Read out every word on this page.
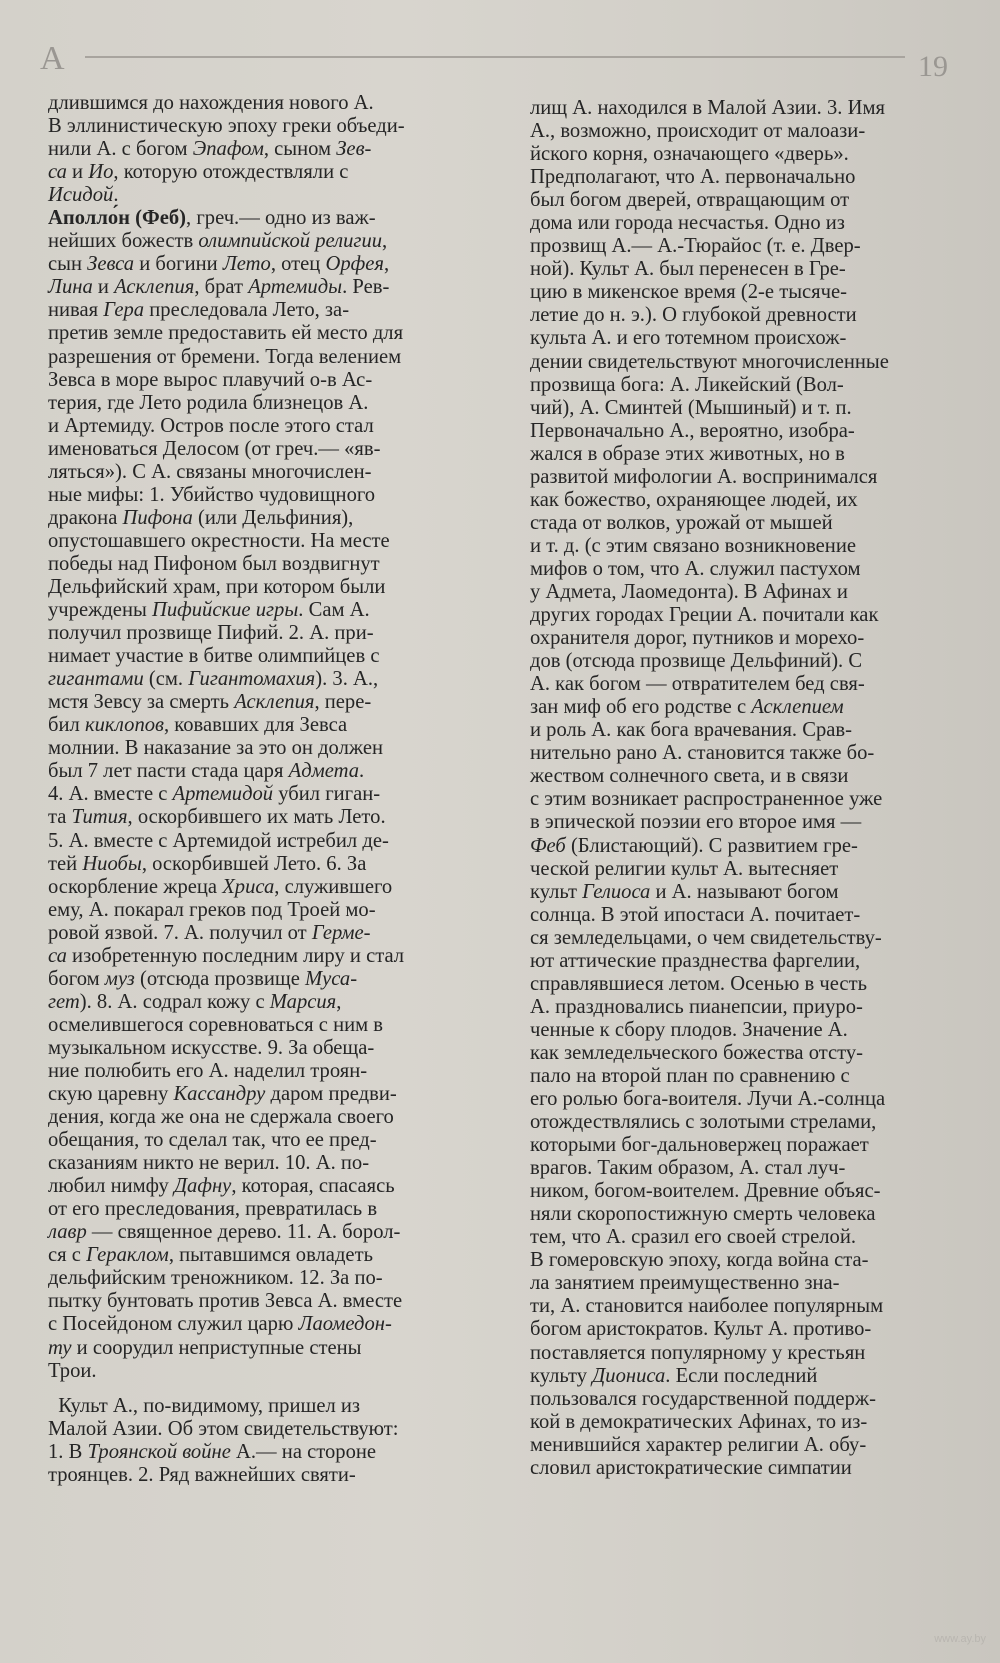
А	19
длившимся до нахождения нового А.
В эллинистическую эпоху греки объеди-
нили А. с богом Эпафом, сыном Зев-
са и Ио, которую отождествляли с
Исидой.
Аполло́н (Феб), греч.— одно из важ-
нейших божеств олимпийской религии,
сын Зевса и богини Лето, отец Орфея,
Лина и Асклепия, брат Артемиды. Рев-
нивая Гера преследовала Лето, за-
претив земле предоставить ей место для
разрешения от бремени. Тогда велением
Зевса в море вырос плавучий о-в Ас-
терия, где Лето родила близнецов А.
и Артемиду. Остров после этого стал
именоваться Делосом (от греч.— «яв-
ляться»). С А. связаны многочислен-
ные мифы: 1. Убийство чудовищного
дракона Пифона (или Дельфиния),
опустошавшего окрестности. На месте
победы над Пифоном был воздвигнут
Дельфийский храм, при котором были
учреждены Пифийские игры. Сам А.
получил прозвище Пифий. 2. А. при-
нимает участие в битве олимпийцев с
гигантами (см. Гигантомахия). 3. А.,
мстя Зевсу за смерть Асклепия, пере-
бил киклопов, ковавших для Зевса
молнии. В наказание за это он должен
был 7 лет пасти стада царя Адмета.
4. А. вместе с Артемидой убил гиган-
та Тития, оскорбившего их мать Лето.
5. А. вместе с Артемидой истребил де-
тей Ниобы, оскорбившей Лето. 6. За
оскорбление жреца Хриса, служившего
ему, А. покарал греков под Троей мо-
ровой язвой. 7. А. получил от Герме-
са изобретенную последним лиру и стал
богом муз (отсюда прозвище Муса-
гет). 8. А. содрал кожу с Марсия,
осмелившегося соревноваться с ним в
музыкальном искусстве. 9. За обеща-
ние полюбить его А. наделил троян-
скую царевну Кассандру даром предви-
дения, когда же она не сдержала своего
обещания, то сделал так, что ее пред-
сказаниям никто не верил. 10. А. по-
любил нимфу Дафну, которая, спасаясь
от его преследования, превратилась в
лавр — священное дерево. 11. А. борол-
ся с Гераклом, пытавшимся овладеть
дельфийским треножником. 12. За по-
пытку бунтовать против Зевса А. вместе
с Посейдоном служил царю Лаомедон-
ту и соорудил неприступные стены
Трои.
Культ А., по-видимому, пришел из
Малой Азии. Об этом свидетельствуют:
1. В Троянской войне А.— на стороне
троянцев. 2. Ряд важнейших святи-
лищ А. находился в Малой Азии. 3. Имя
А., возможно, происходит от малоази-
йского корня, означающего «дверь».
Предполагают, что А. первоначально
был богом дверей, отвращающим от
дома или города несчастья. Одно из
прозвищ А.— А.-Тюрайос (т. е. Двер-
ной). Культ А. был перенесен в Гре-
цию в микенское время (2-е тысяче-
летие до н. э.). О глубокой древности
культа А. и его тотемном происхож-
дении свидетельствуют многочисленные
прозвища бога: А. Ликейский (Вол-
чий), А. Сминтей (Мышиный) и т. п.
Первоначально А., вероятно, изобра-
жался в образе этих животных, но в
развитой мифологии А. воспринимался
как божество, охраняющее людей, их
стада от волков, урожай от мышей
и т. д. (с этим связано возникновение
мифов о том, что А. служил пастухом
у Адмета, Лаомедонта). В Афинах и
других городах Греции А. почитали как
охранителя дорог, путников и морехо-
дов (отсюда прозвище Дельфиний). С
А. как богом — отвратителем бед свя-
зан миф об его родстве с Асклепием
и роль А. как бога врачевания. Срав-
нительно рано А. становится также бо-
жеством солнечного света, и в связи
с этим возникает распространенное уже
в эпической поэзии его второе имя —
Феб (Блистающий). С развитием гре-
ческой религии культ А. вытесняет
культ Гелиоса и А. называют богом
солнца. В этой ипостаси А. почитает-
ся земледельцами, о чем свидетельству-
ют аттические празднества фаргелии,
справлявшиеся летом. Осенью в честь
А. праздновались пианепсии, приуро-
ченные к сбору плодов. Значение А.
как земледельческого божества отсту-
пало на второй план по сравнению с
его ролью бога-воителя. Лучи А.-солнца
отождествлялись с золотыми стрелами,
которыми бог-дальновержец поражает
врагов. Таким образом, А. стал луч-
ником, богом-воителем. Древние объяс-
няли скоропостижную смерть человека
тем, что А. сразил его своей стрелой.
В гомеровскую эпоху, когда война ста-
ла занятием преимущественно зна-
ти, А. становится наиболее популярным
богом аристократов. Культ А. противо-
поставляется популярному у крестьян
культу Диониса. Если последний
пользовался государственной поддерж-
кой в демократических Афинах, то из-
менившийся характер религии А. обу-
словил аристократические симпатии
www.ay.by
